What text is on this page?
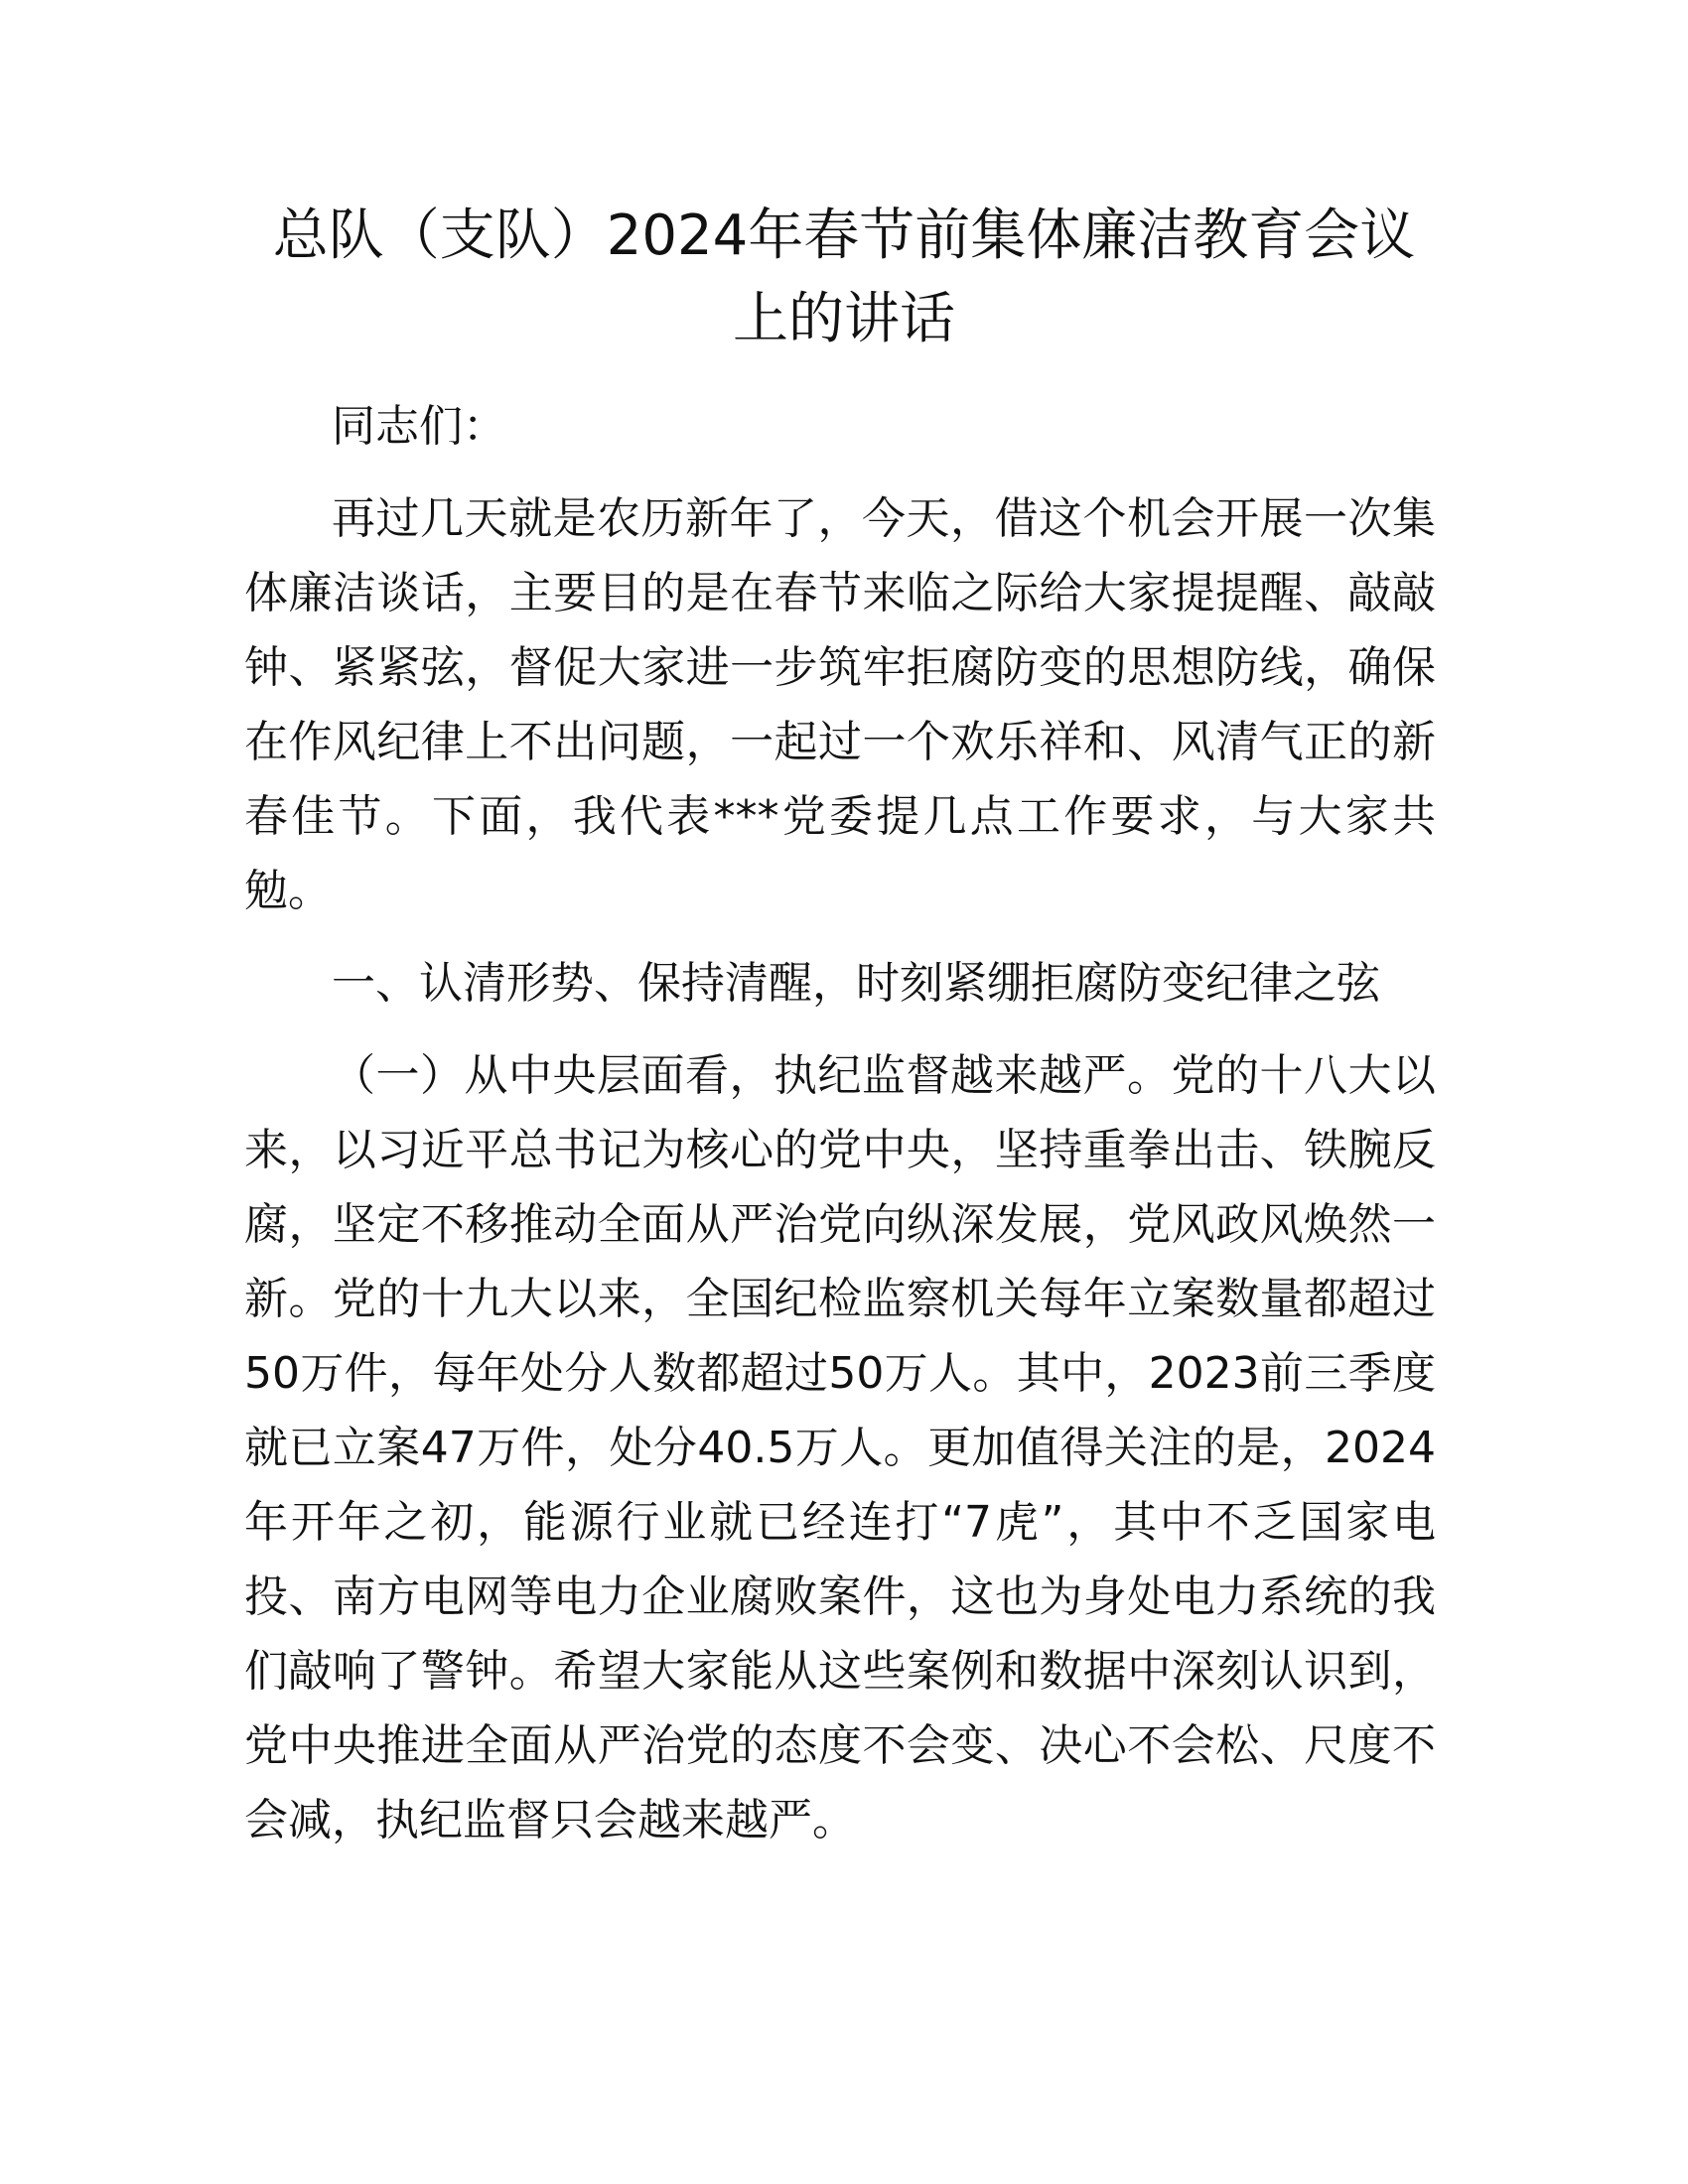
总队（支队）2024年春节前集体廉洁教育会议
上的讲话

同志们：

再过几天就是农历新年了，今天，借这个机会开展一次集体廉洁谈话，主要目的是在春节来临之际给大家提提醒、敲敲钟、紧紧弦，督促大家进一步筑牢拒腐防变的思想防线，确保在作风纪律上不出问题，一起过一个欢乐祥和、风清气正的新春佳节。下面，我代表***党委提几点工作要求，与大家共勉。

一、认清形势、保持清醒，时刻紧绷拒腐防变纪律之弦

（一）从中央层面看，执纪监督越来越严。党的十八大以来，以习近平总书记为核心的党中央，坚持重拳出击、铁腕反腐，坚定不移推动全面从严治党向纵深发展，党风政风焕然一新。党的十九大以来，全国纪检监察机关每年立案数量都超过50万件，每年处分人数都超过50万人。其中，2023前三季度就已立案47万件，处分40.5万人。更加值得关注的是，2024年开年之初，能源行业就已经连打“7虎”，其中不乏国家电投、南方电网等电力企业腐败案件，这也为身处电力系统的我们敲响了警钟。希望大家能从这些案例和数据中深刻认识到，党中央推进全面从严治党的态度不会变、决心不会松、尺度不会减，执纪监督只会越来越严。
